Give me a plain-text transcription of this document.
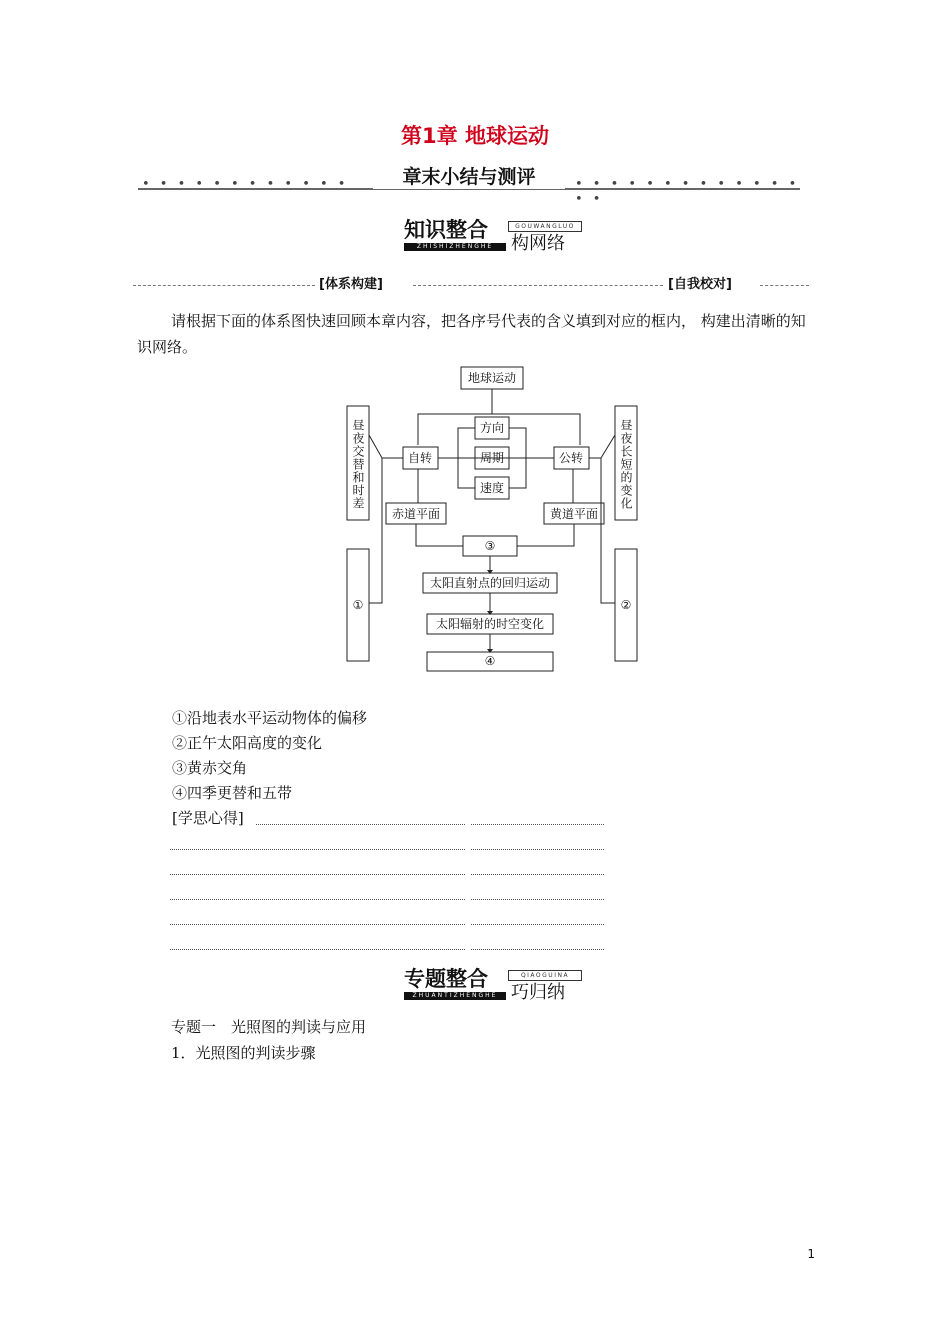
第1章 地球运动
• • • • • • • • • • • •	• • • • • • • • • • • • • • •
章末小结与测评
知识整合	GOUWANGLUO
ZHISHIZHENGHE 构网络
[体系构建]	[自我校对]
请根据下面的体系图快速回顾本章内容，把各序号代表的含义填到对应的框内， 构建出清晰的知识网络。
地球运动
自转	公转
方向
周期
速度
赤道平面	黄道平面
③
太阳直射点的回归运动
太阳辐射的时空变化
④
①	②
昼夜交替和时差	昼夜长短的变化
①沿地表水平运动物体的偏移
②正午太阳高度的变化
③黄赤交角
④四季更替和五带
[学思心得]
专题整合	QIAOGUINA
ZHUANTIZHENGHE 巧归纳
专题一　光照图的判读与应用
1．光照图的判读步骤
1
